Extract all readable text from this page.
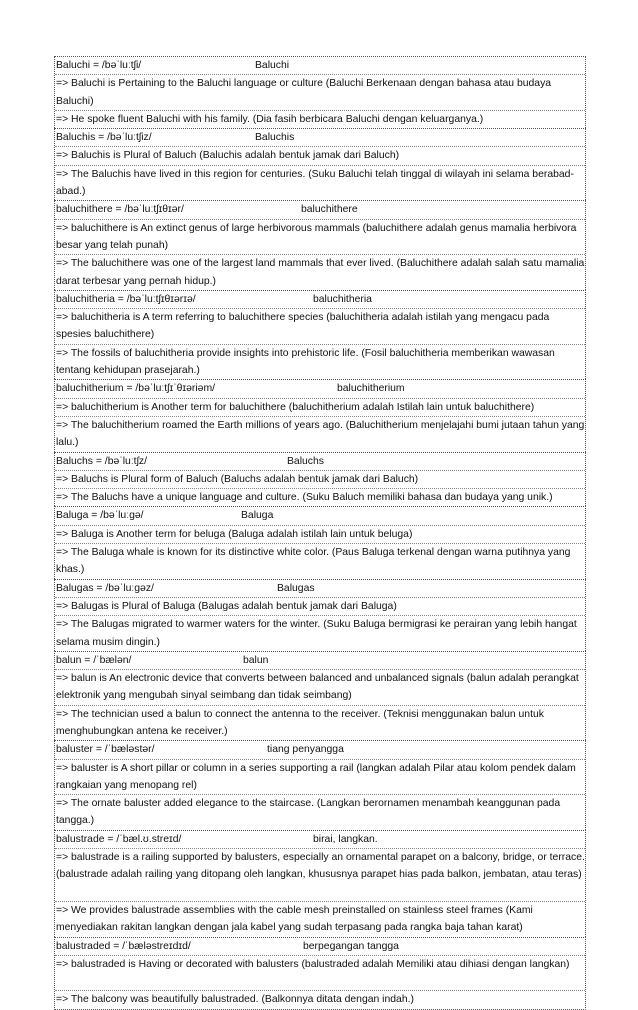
Baluchi = /bəˈluːtʃi/	Baluchi
=> Baluchi is Pertaining to the Baluchi language or culture (Baluchi Berkenaan dengan bahasa atau budaya Baluchi)
=> He spoke fluent Baluchi with his family. (Dia fasih berbicara Baluchi dengan keluarganya.)
Baluchis = /bəˈluːtʃiz/	Baluchis
=> Baluchis is Plural of Baluch (Baluchis adalah bentuk jamak dari Baluch)
=> The Baluchis have lived in this region for centuries. (Suku Baluchi telah tinggal di wilayah ini selama berabad-abad.)
baluchithere = /bəˈluːtʃɪθɪər/	baluchithere
=> baluchithere is An extinct genus of large herbivorous mammals (baluchithere adalah genus mamalia herbivora besar yang telah punah)
=> The baluchithere was one of the largest land mammals that ever lived. (Baluchithere adalah salah satu mamalia darat terbesar yang pernah hidup.)
baluchitheria = /bəˈluːtʃɪθɪərɪə/	baluchitheria
=> baluchitheria is A term referring to baluchithere species (baluchitheria adalah istilah yang mengacu pada spesies baluchithere)
=> The fossils of baluchitheria provide insights into prehistoric life. (Fosil baluchitheria memberikan wawasan tentang kehidupan prasejarah.)
baluchitherium = /bəˈluːtʃɪˈθɪəriəm/	baluchitherium
=> baluchitherium is Another term for baluchithere (baluchitherium adalah Istilah lain untuk baluchithere)
=> The baluchitherium roamed the Earth millions of years ago. (Baluchitherium menjelajahi bumi jutaan tahun yang lalu.)
Baluchs = /bəˈluːtʃz/	Baluchs
=> Baluchs is Plural form of Baluch (Baluchs adalah bentuk jamak dari Baluch)
=> The Baluchs have a unique language and culture. (Suku Baluch memiliki bahasa dan budaya yang unik.)
Baluga = /bəˈluːɡə/	Baluga
=> Baluga is Another term for beluga (Baluga adalah istilah lain untuk beluga)
=> The Baluga whale is known for its distinctive white color. (Paus Baluga terkenal dengan warna putihnya yang khas.)
Balugas = /bəˈluːɡəz/	Balugas
=> Balugas is Plural of Baluga (Balugas adalah bentuk jamak dari Baluga)
=> The Balugas migrated to warmer waters for the winter. (Suku Baluga bermigrasi ke perairan yang lebih hangat selama musim dingin.)
balun = /ˈbælən/	balun
=> balun is An electronic device that converts between balanced and unbalanced signals (balun adalah perangkat elektronik yang mengubah sinyal seimbang dan tidak seimbang)
=> The technician used a balun to connect the antenna to the receiver. (Teknisi menggunakan balun untuk menghubungkan antena ke receiver.)
baluster = /ˈbæləstər/	tiang penyangga
=> baluster is A short pillar or column in a series supporting a rail (langkan adalah Pilar atau kolom pendek dalam rangkaian yang menopang rel)
=> The ornate baluster added elegance to the staircase. (Langkan berornamen menambah keanggunan pada tangga.)
balustrade = /ˈbæl.ʊ.streɪd/	birai, langkan.
=> balustrade is a railing supported by balusters, especially an ornamental parapet on a balcony, bridge, or terrace. (balustrade adalah railing yang ditopang oleh langkan, khususnya parapet hias pada balkon, jembatan, atau teras)
=> We provides balustrade assemblies with the cable mesh preinstalled on stainless steel frames (Kami menyediakan rakitan langkan dengan jala kabel yang sudah terpasang pada rangka baja tahan karat)
balustraded = /ˈbæləstreɪdɪd/	berpegangan tangga
=> balustraded is Having or decorated with balusters (balustraded adalah Memiliki atau dihiasi dengan langkan)
=> The balcony was beautifully balustraded. (Balkonnya ditata dengan indah.)
